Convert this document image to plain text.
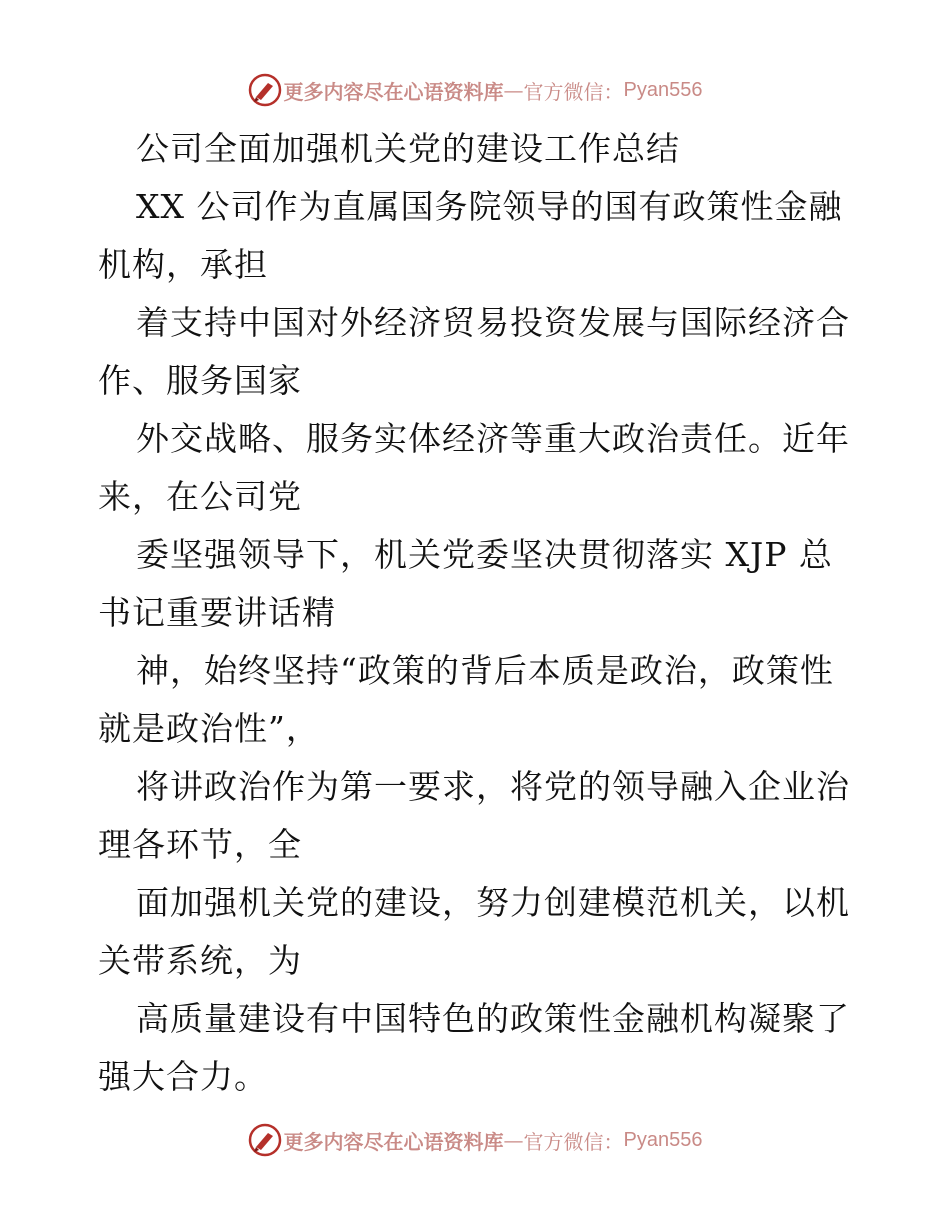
更多内容尽在心语资料库 — 官方微信： Pyan556
公司全面加强机关党的建设工作总结
XX 公司作为直属国务院领导的国有政策性金融
机构，承担
着支持中国对外经济贸易投资发展与国际经济合
作、服务国家
外交战略、服务实体经济等重大政治责任。近年
来，在公司党
委坚强领导下，机关党委坚决贯彻落实 XJP 总
书记重要讲话精
神，始终坚持“政策的背后本质是政治，政策性
就是政治性”，
将讲政治作为第一要求，将党的领导融入企业治
理各环节，全
面加强机关党的建设，努力创建模范机关，以机
关带系统，为
高质量建设有中国特色的政策性金融机构凝聚了
强大合力。
更多内容尽在心语资料库 — 官方微信： Pyan556
